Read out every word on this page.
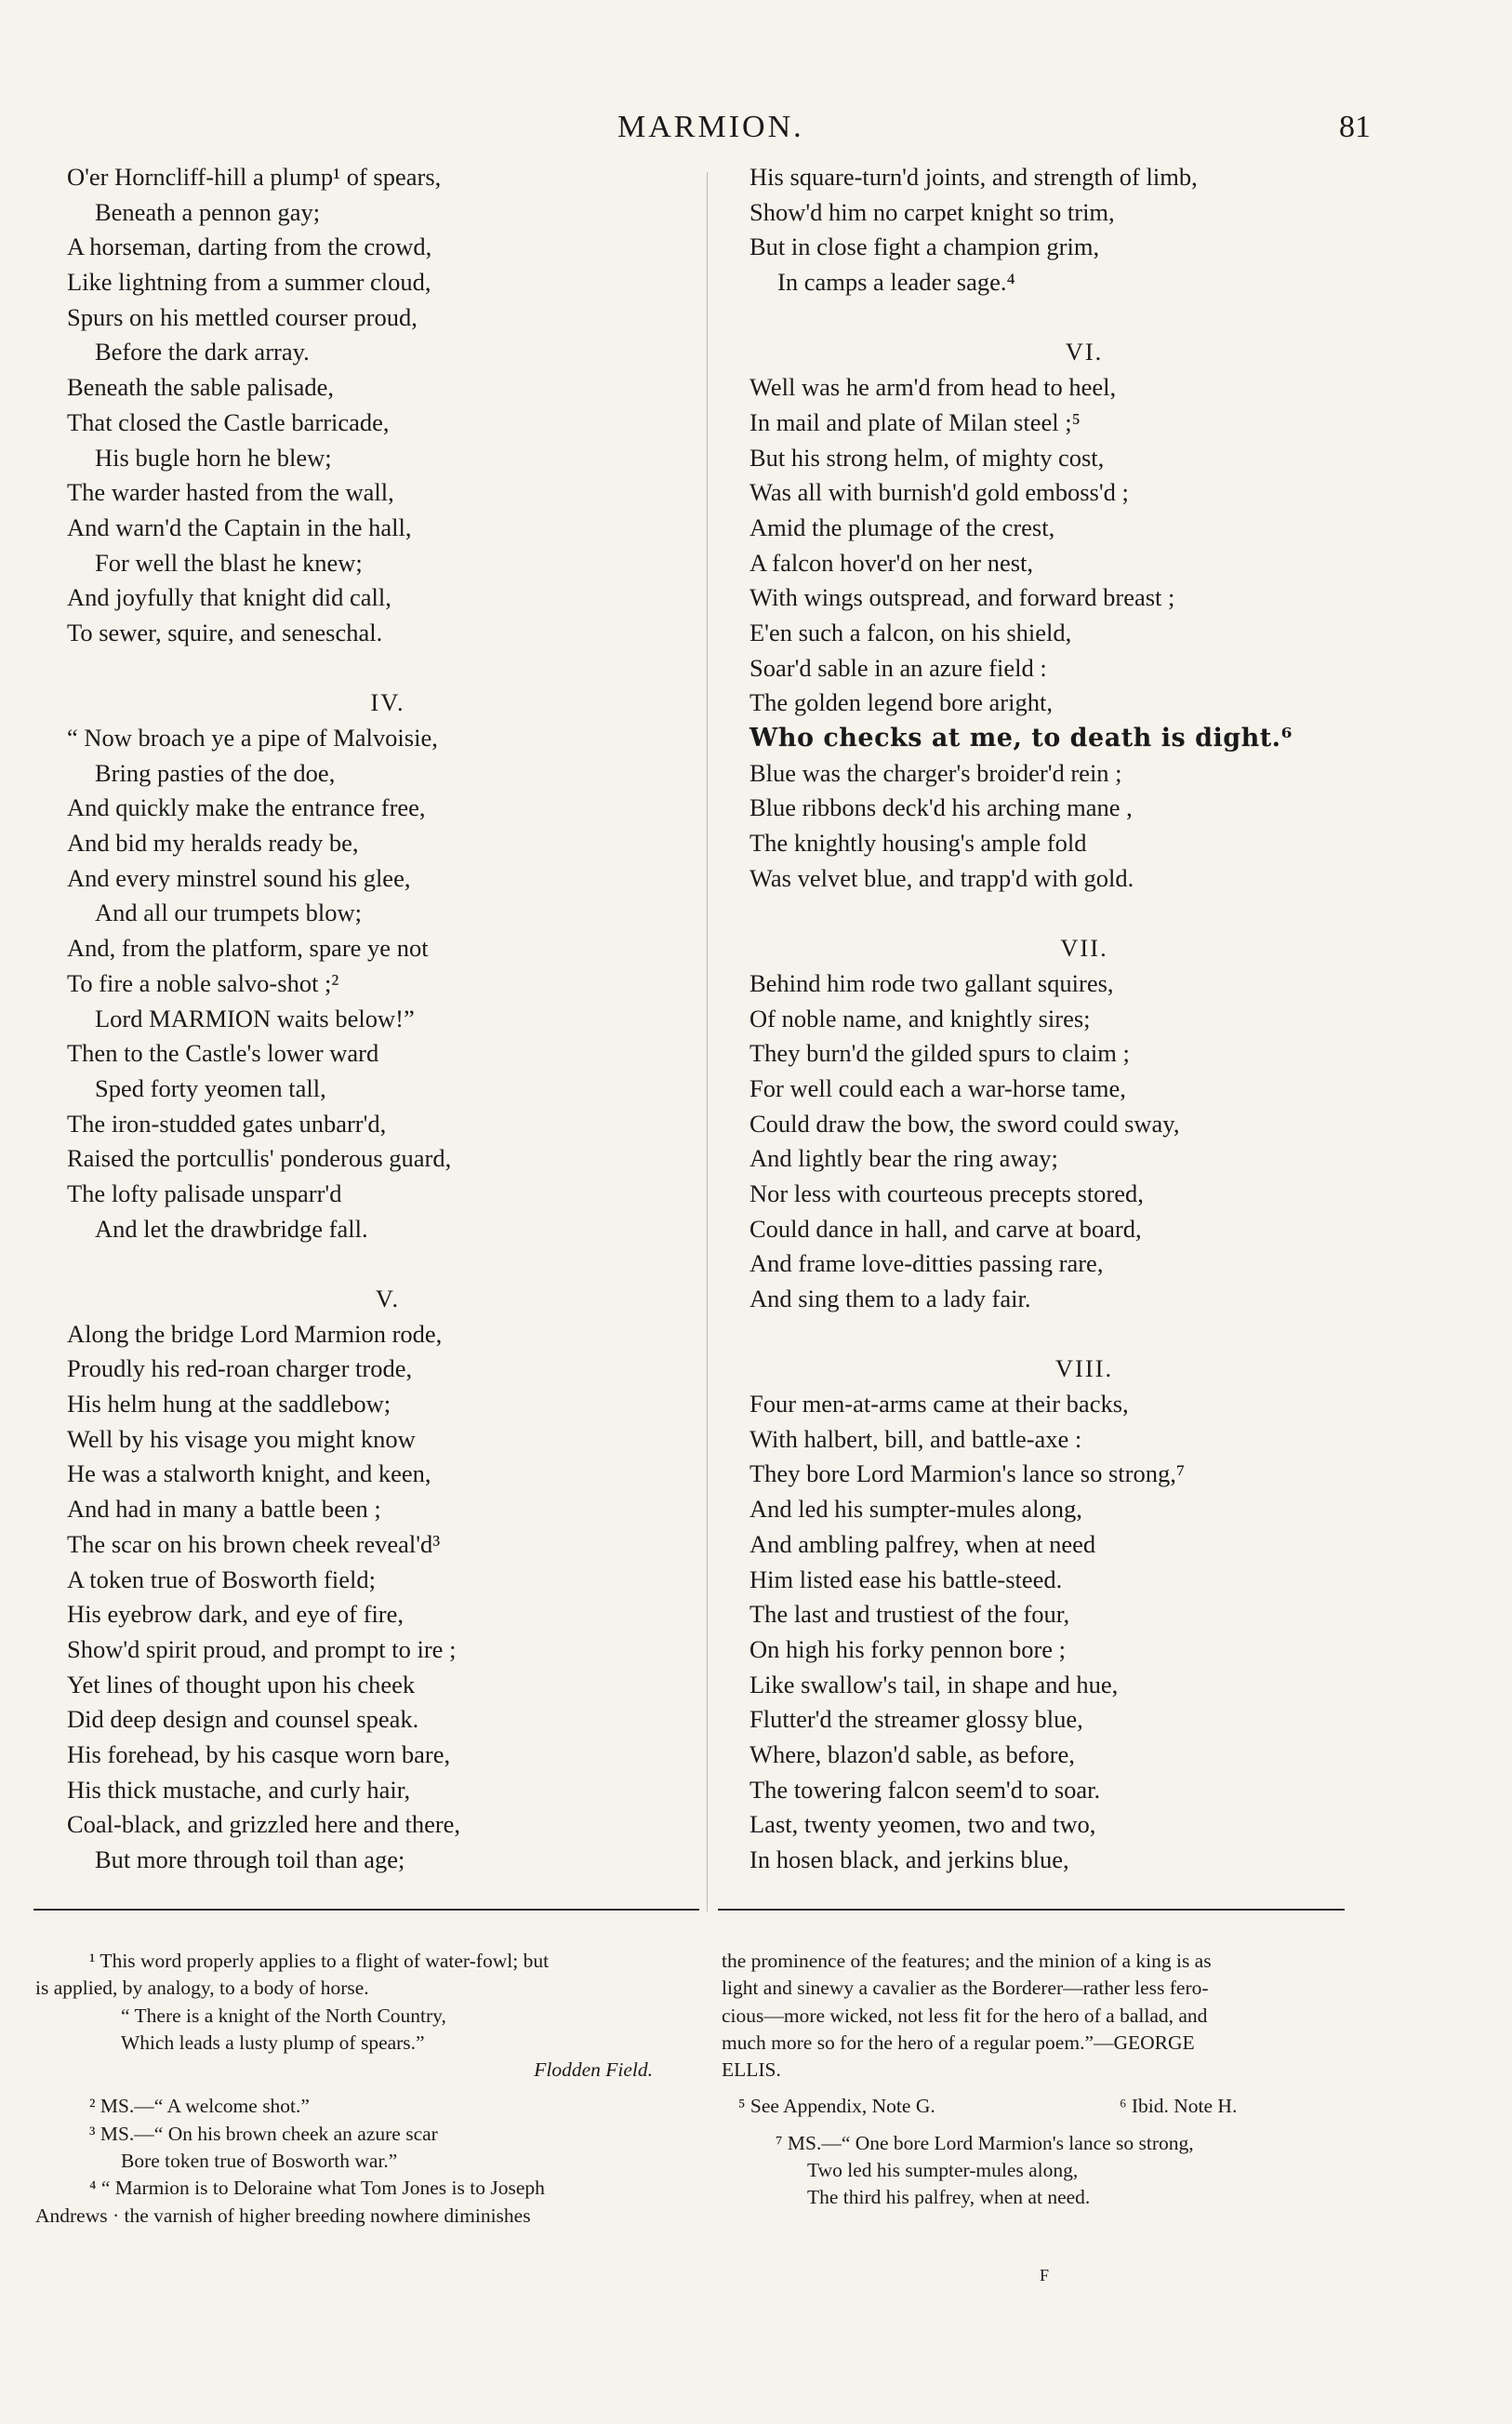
MARMION.	81
O'er Horncliff-hill a plump¹ of spears,
Beneath a pennon gay;
A horseman, darting from the crowd,
Like lightning from a summer cloud,
Spurs on his mettled courser proud,
Before the dark array.
Beneath the sable palisade,
That closed the Castle barricade,
His bugle horn he blew;
The warder hasted from the wall,
And warn'd the Captain in the hall,
For well the blast he knew;
And joyfully that knight did call,
To sewer, squire, and seneschal.
IV.
“ Now broach ye a pipe of Malvoisie,
Bring pasties of the doe,
And quickly make the entrance free,
And bid my heralds ready be,
And every minstrel sound his glee,
And all our trumpets blow;
And, from the platform, spare ye not
To fire a noble salvo-shot ;²
Lord MARMION waits below!”
Then to the Castle's lower ward
Sped forty yeomen tall,
The iron-studded gates unbarr'd,
Raised the portcullis' ponderous guard,
The lofty palisade unsparr'd
And let the drawbridge fall.
V.
Along the bridge Lord Marmion rode,
Proudly his red-roan charger trode,
His helm hung at the saddlebow;
Well by his visage you might know
He was a stalworth knight, and keen,
And had in many a battle been ;
The scar on his brown cheek reveal'd³
A token true of Bosworth field;
His eyebrow dark, and eye of fire,
Show'd spirit proud, and prompt to ire ;
Yet lines of thought upon his cheek
Did deep design and counsel speak.
His forehead, by his casque worn bare,
His thick mustache, and curly hair,
Coal-black, and grizzled here and there,
But more through toil than age;
His square-turn'd joints, and strength of limb,
Show'd him no carpet knight so trim,
But in close fight a champion grim,
In camps a leader sage.⁴
VI.
Well was he arm'd from head to heel,
In mail and plate of Milan steel ;⁵
But his strong helm, of mighty cost,
Was all with burnish'd gold emboss'd ;
Amid the plumage of the crest,
A falcon hover'd on her nest,
With wings outspread, and forward breast ;
E'en such a falcon, on his shield,
Soar'd sable in an azure field :
The golden legend bore aright,
Who checks at me, to death is dight.⁶
Blue was the charger's broider'd rein ;
Blue ribbons deck'd his arching mane ,
The knightly housing's ample fold
Was velvet blue, and trapp'd with gold.
VII.
Behind him rode two gallant squires,
Of noble name, and knightly sires;
They burn'd the gilded spurs to claim ;
For well could each a war-horse tame,
Could draw the bow, the sword could sway,
And lightly bear the ring away;
Nor less with courteous precepts stored,
Could dance in hall, and carve at board,
And frame love-ditties passing rare,
And sing them to a lady fair.
VIII.
Four men-at-arms came at their backs,
With halbert, bill, and battle-axe :
They bore Lord Marmion's lance so strong,⁷
And led his sumpter-mules along,
And ambling palfrey, when at need
Him listed ease his battle-steed.
The last and trustiest of the four,
On high his forky pennon bore ;
Like swallow's tail, in shape and hue,
Flutter'd the streamer glossy blue,
Where, blazon'd sable, as before,
The towering falcon seem'd to soar.
Last, twenty yeomen, two and two,
In hosen black, and jerkins blue,
¹ This word properly applies to a flight of water-fowl; but
is applied, by analogy, to a body of horse.
“ There is a knight of the North Country,
Which leads a lusty plump of spears.”
Flodden Field.
² MS.—“ A welcome shot.”
³ MS.—“ On his brown cheek an azure scar
Bore token true of Bosworth war.”
⁴ “ Marmion is to Deloraine what Tom Jones is to Joseph
Andrews · the varnish of higher breeding nowhere diminishes
the prominence of the features; and the minion of a king is as
light and sinewy a cavalier as the Borderer—rather less fero-
cious—more wicked, not less fit for the hero of a ballad, and
much more so for the hero of a regular poem.”—GEORGE
ELLIS.
⁵ See Appendix, Note G.	⁶ Ibid. Note H.
⁷ MS.—“ One bore Lord Marmion's lance so strong,
Two led his sumpter-mules along,
The third his palfrey, when at need.
F
